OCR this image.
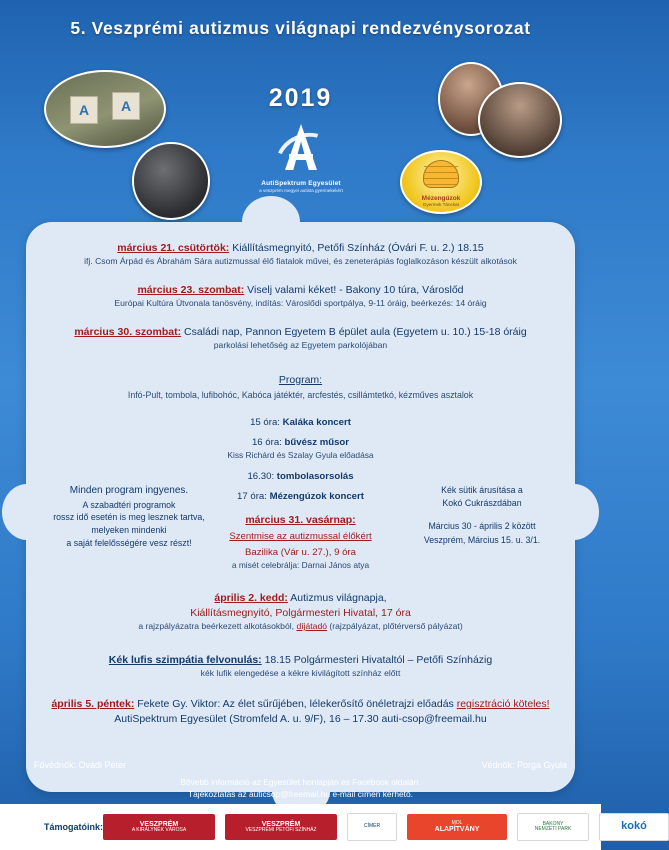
5. Veszprémi autizmus világnapi rendezvénysorozat
A	A	2019
AutiSpektrum Egyesület
a veszprém megyei autista gyermekekért
Mézengúzok
Gyermek Tánckar

március 21. csütörtök: Kiállításmegnyitó, Petőfi Színház (Óvári F. u. 2.) 18.15

ifj. Csom Árpád és Ábrahám Sára autizmussal élő fiatalok művei, és zeneterápiás foglalkozáson készült alkotások

március 23. szombat: Viselj valami kéket! - Bakony 10 túra, Városlőd

Európai Kultúra Útvonala tanösvény, indítás: Városlődi sportpálya, 9-11 óráig, beérkezés: 14 óráig

március 30. szombat: Családi nap, Pannon Egyetem B épület aula (Egyetem u. 10.) 15-18 óráig

parkolási lehetőség az Egyetem parkolójában

Program:
Infó-Pult, tombola, lufibohóc, Kabóca játéktér, arcfestés, csillámtetkó, kézműves asztalok
15 óra: Kaláka koncert
16 óra: bűvész műsor
Kiss Richárd és Szalay Gyula előadása
16.30: tombolasorsolás
17 óra: Mézengúzok koncert
március 31. vasárnap:
Szentmise az autizmussal élőkért
Bazilika (Vár u. 27.), 9 óra
a misét celebrálja: Darnai János atya
Minden program ingyenes.
A szabadtéri programok
rossz idő esetén is meg lesznek tartva,
melyeken mindenki
a saját felelősségére vesz részt!
Kék sütik árusítása a
Kokó Cukrászdában
Március 30 - április 2 között
Veszprém, Március 15. u. 3/1.

április 2. kedd: Autizmus világnapja,

Kiállításmegnyitó, Polgármesteri Hivatal, 17 óra

a rajzpályázatra beérkezett alkotásokból, díjátadó (rajzpályázat, plőtérverső pályázat)

Kék lufis szimpátia felvonulás: 18.15 Polgármesteri Hivataltól – Petőfi Színházig

kék lufik elengedése a kékre kivilágított színház előtt

április 5. péntek: Fekete Gy. Viktor: Az élet sűrűjében, lélekerősítő önéletrajzi előadás regisztráció köteles!

AutiSpektrum Egyesület (Stromfeld A. u. 9/F), 16 – 17.30 auti-csop@freemail.hu

Fővédnök: Ovádi Péter	Védnök: Porga Gyula
Bővebb információ az Egyesület honlapján és Facebook oldalán.
Tájékoztatás az auticsop@freemail.hu e-mail címen kérhető.
Támogatóink:	VESZPRÉM
A KIRÁLYNÉK VÁROSA
VESZPRÉM
VESZPRÉMI PETŐFI SZÍNHÁZ
CÍMER
MOL
ALAPÍTVÁNY
BAKONY
NEMZETI PARK	kokó
